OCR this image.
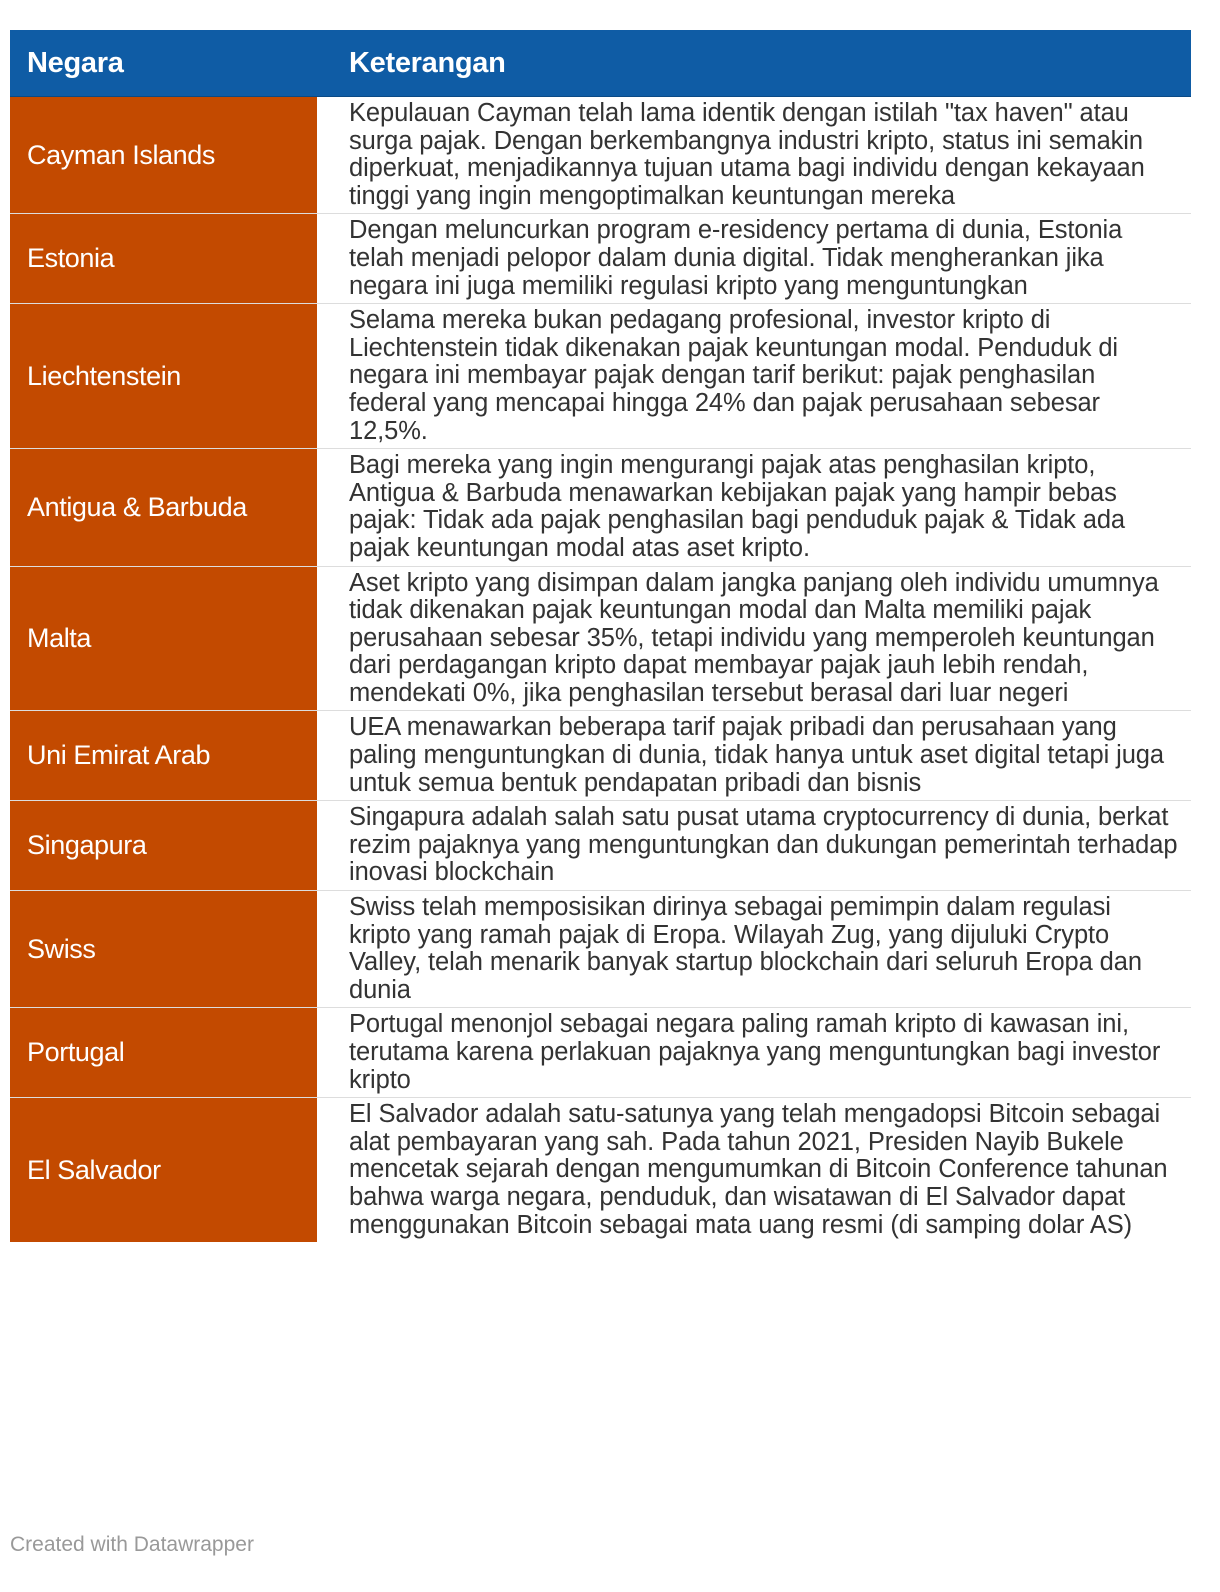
Negara	Keterangan
Cayman Islands
Kepulauan Cayman telah lama identik dengan istilah "tax haven" atau surga pajak. Dengan berkembangnya industri kripto, status ini semakin diperkuat, menjadikannya tujuan utama bagi individu dengan kekayaan tinggi yang ingin mengoptimalkan keuntungan mereka
Estonia
Dengan meluncurkan program e-residency pertama di dunia, Estonia telah menjadi pelopor dalam dunia digital. Tidak mengherankan jika negara ini juga memiliki regulasi kripto yang menguntungkan
Liechtenstein
Selama mereka bukan pedagang profesional, investor kripto di Liechtenstein tidak dikenakan pajak keuntungan modal. Penduduk di negara ini membayar pajak dengan tarif berikut: pajak penghasilan federal yang mencapai hingga 24% dan pajak perusahaan sebesar 12,5%.
Antigua & Barbuda
Bagi mereka yang ingin mengurangi pajak atas penghasilan kripto, Antigua & Barbuda menawarkan kebijakan pajak yang hampir bebas pajak: Tidak ada pajak penghasilan bagi penduduk pajak & Tidak ada pajak keuntungan modal atas aset kripto.
Malta
Aset kripto yang disimpan dalam jangka panjang oleh individu umumnya tidak dikenakan pajak keuntungan modal dan Malta memiliki pajak perusahaan sebesar 35%, tetapi individu yang memperoleh keuntungan dari perdagangan kripto dapat membayar pajak jauh lebih rendah, mendekati 0%, jika penghasilan tersebut berasal dari luar negeri
Uni Emirat Arab
UEA menawarkan beberapa tarif pajak pribadi dan perusahaan yang paling menguntungkan di dunia, tidak hanya untuk aset digital tetapi juga untuk semua bentuk pendapatan pribadi dan bisnis
Singapura
Singapura adalah salah satu pusat utama cryptocurrency di dunia, berkat rezim pajaknya yang menguntungkan dan dukungan pemerintah terhadap inovasi blockchain
Swiss
Swiss telah memposisikan dirinya sebagai pemimpin dalam regulasi kripto yang ramah pajak di Eropa. Wilayah Zug, yang dijuluki Crypto Valley, telah menarik banyak startup blockchain dari seluruh Eropa dan dunia
Portugal
Portugal menonjol sebagai negara paling ramah kripto di kawasan ini, terutama karena perlakuan pajaknya yang menguntungkan bagi investor kripto
El Salvador
El Salvador adalah satu-satunya yang telah mengadopsi Bitcoin sebagai alat pembayaran yang sah. Pada tahun 2021, Presiden Nayib Bukele mencetak sejarah dengan mengumumkan di Bitcoin Conference tahunan bahwa warga negara, penduduk, dan wisatawan di El Salvador dapat menggunakan Bitcoin sebagai mata uang resmi (di samping dolar AS)
Created with Datawrapper
